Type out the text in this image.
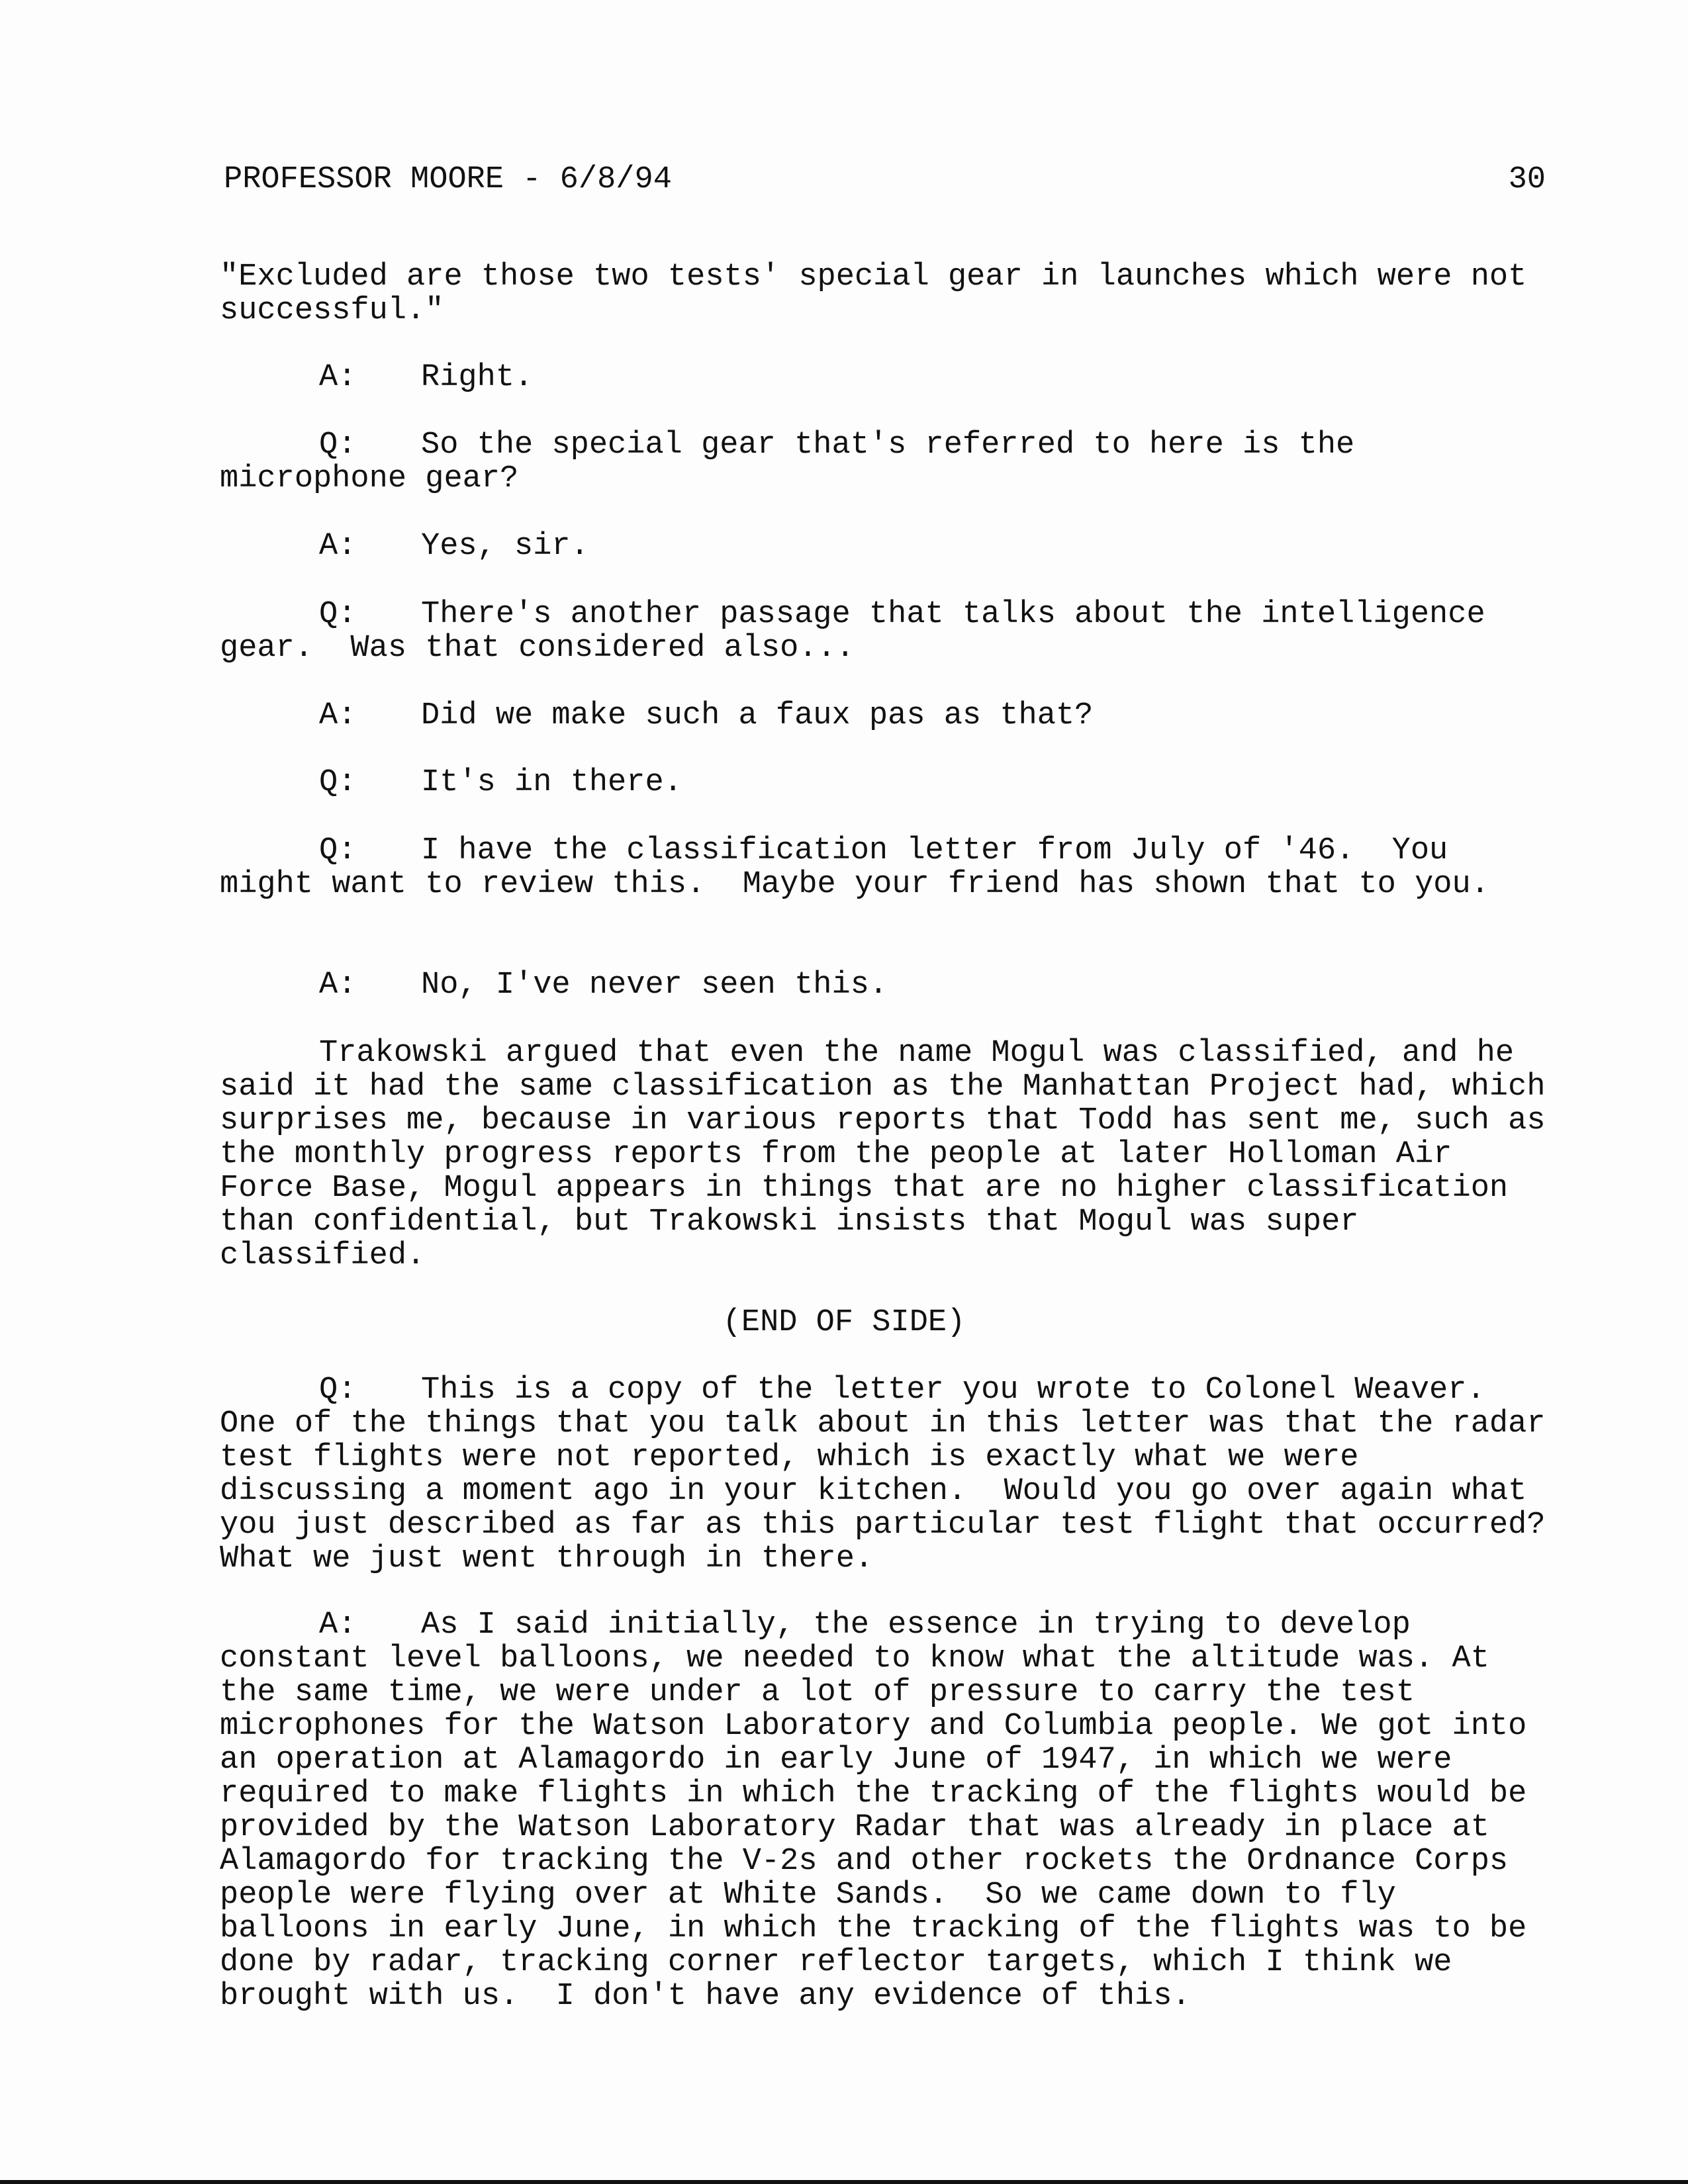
PROFESSOR MOORE - 6/8/94	30

"Excluded are those two tests' special gear in launches which were not successful."

A: Right.

Q: So the special gear that's referred to here is the microphone gear?

A: Yes, sir.

Q: There's another passage that talks about the intelligence gear.  Was that considered also...

A: Did we make such a faux pas as that?

Q: It's in there.

Q: I have the classification letter from July of '46.  You might want to review this.  Maybe your friend has shown that to you.

A: No, I've never seen this.

Trakowski argued that even the name Mogul was classified, and he said it had the same classification as the Manhattan Project had, which surprises me, because in various reports that Todd has sent me, such as the monthly progress reports from the people at later Holloman Air Force Base, Mogul appears in things that are no higher classification than confidential, but Trakowski insists that Mogul was super classified.

(END OF SIDE)

Q: This is a copy of the letter you wrote to Colonel Weaver. One of the things that you talk about in this letter was that the radar test flights were not reported, which is exactly what we were discussing a moment ago in your kitchen.  Would you go over again what you just described as far as this particular test flight that occurred?  What we just went through in there.

A: As I said initially, the essence in trying to develop constant level balloons, we needed to know what the altitude was. At the same time, we were under a lot of pressure to carry the test microphones for the Watson Laboratory and Columbia people. We got into an operation at Alamagordo in early June of 1947, in which we were required to make flights in which the tracking of the flights would be provided by the Watson Laboratory Radar that was already in place at Alamagordo for tracking the V-2s and other rockets the Ordnance Corps people were flying over at White Sands.  So we came down to fly balloons in early June, in which the tracking of the flights was to be done by radar, tracking corner reflector targets, which I think we brought with us.  I don't have any evidence of this.
